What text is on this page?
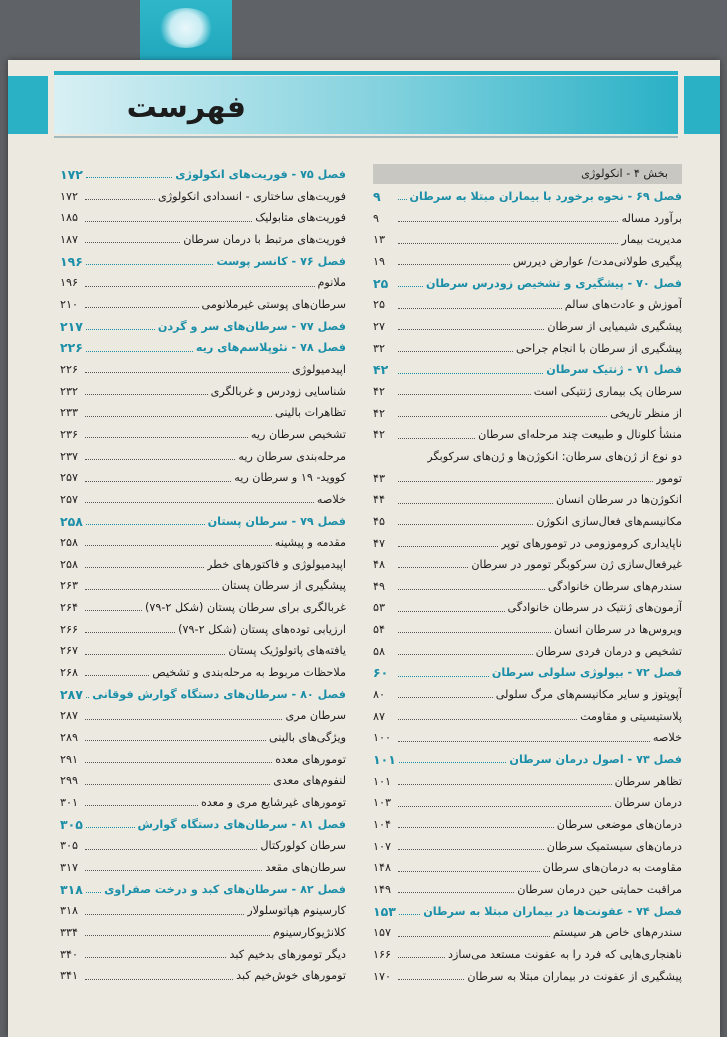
فهرست
بخش ۴ - انکولوژی
فصل ۶۹ - نحوه برخورد با بیماران مبتلا به سرطان
۹
برآورد مساله
۹
مدیریت بیمار
۱۳
پیگیری طولانی‌مدت/ عوارض دیررس
۱۹
فصل ۷۰ - پیشگیری و تشخیص زودرس سرطان
۲۵
آموزش و عادت‌های سالم
۲۵
پیشگیری شیمیایی از سرطان
۲۷
پیشگیری از سرطان با انجام جراحی
۳۲
فصل ۷۱ - ژنتیک سرطان
۴۲
سرطان یک بیماری ژنتیکی است
۴۲
از منظر تاریخی
۴۲
منشأ کلونال و طبیعت چند مرحله‌ای سرطان
۴۲
دو نوع از ژن‌های سرطان: انکوژن‌ها و ژن‌های سرکوبگر
تومور
۴۳
انکوژن‌ها در سرطان انسان
۴۴
مکانیسم‌های فعال‌سازی انکوژن
۴۵
ناپایداری کروموزومی در تومورهای توپر
۴۷
غیرفعال‌سازی ژن سرکوبگر تومور در سرطان
۴۸
سندرم‌های سرطان خانوادگی
۴۹
آزمون‌های ژنتیک در سرطان خانوادگی
۵۳
ویروس‌ها در سرطان انسان
۵۴
تشخیص و درمان فردی سرطان
۵۸
فصل ۷۲ - بیولوژی سلولی سرطان
۶۰
آپوپتوز و سایر مکانیسم‌های مرگ سلولی
۸۰
پلاستیسیتی و مقاومت
۸۷
خلاصه
۱۰۰
فصل ۷۳ - اصول درمان سرطان
۱۰۱
تظاهر سرطان
۱۰۱
درمان سرطان
۱۰۳
درمان‌های موضعی سرطان
۱۰۴
درمان‌های سیستمیک سرطان
۱۰۷
مقاومت به درمان‌های سرطان
۱۴۸
مراقبت حمایتی حین درمان سرطان
۱۴۹
فصل ۷۴ - عفونت‌ها در بیماران مبتلا به سرطان
۱۵۳
سندرم‌های خاص هر سیستم
۱۵۷
ناهنجاری‌هایی که فرد را به عفونت مستعد می‌سازد
۱۶۶
پیشگیری از عفونت در بیماران مبتلا به سرطان
۱۷۰
فصل ۷۵ - فوریت‌های انکولوژی
۱۷۲
فوریت‌های ساختاری - انسدادی انکولوژی
۱۷۲
فوریت‌های متابولیک
۱۸۵
فوریت‌های مرتبط با درمان سرطان
۱۸۷
فصل ۷۶ - کانسر پوست
۱۹۶
ملانوم
۱۹۶
سرطان‌های پوستی غیرملانومی
۲۱۰
فصل ۷۷ - سرطان‌های سر و گردن
۲۱۷
فصل ۷۸ - نئوپلاسم‌های ریه
۲۲۶
اپیدمیولوژی
۲۲۶
شناسایی زودرس و غربالگری
۲۳۲
تظاهرات بالینی
۲۳۳
تشخیص سرطان ریه
۲۳۶
مرحله‌بندی سرطان ریه
۲۳۷
کووید- ۱۹ و سرطان ریه
۲۵۷
خلاصه
۲۵۷
فصل ۷۹ - سرطان پستان
۲۵۸
مقدمه و پیشینه
۲۵۸
اپیدمیولوژی و فاکتورهای خطر
۲۵۸
پیشگیری از سرطان پستان
۲۶۳
غربالگری برای سرطان پستان (شکل ۲-۷۹)
۲۶۴
ارزیابی توده‌های پستان (شکل ۲-۷۹)
۲۶۶
یافته‌های پاتولوژیک پستان
۲۶۷
ملاحظات مربوط به مرحله‌بندی و تشخیص
۲۶۸
فصل ۸۰ - سرطان‌های دستگاه گوارش فوقانی
۲۸۷
سرطان مری
۲۸۷
ویژگی‌های بالینی
۲۸۹
تومورهای معده
۲۹۱
لنفوم‌های معدی
۲۹۹
تومورهای غیرشایع مری و معده
۳۰۱
فصل ۸۱ - سرطان‌های دستگاه گوارش
۳۰۵
سرطان کولورکتال
۳۰۵
سرطان‌های مقعد
۳۱۷
فصل ۸۲ - سرطان‌های کبد و درخت صفراوی
۳۱۸
کارسینوم هپاتوسلولار
۳۱۸
کلانژیوکارسینوم
۳۳۴
دیگر تومورهای بدخیم کبد
۳۴۰
تومورهای خوش‌خیم کبد
۳۴۱
